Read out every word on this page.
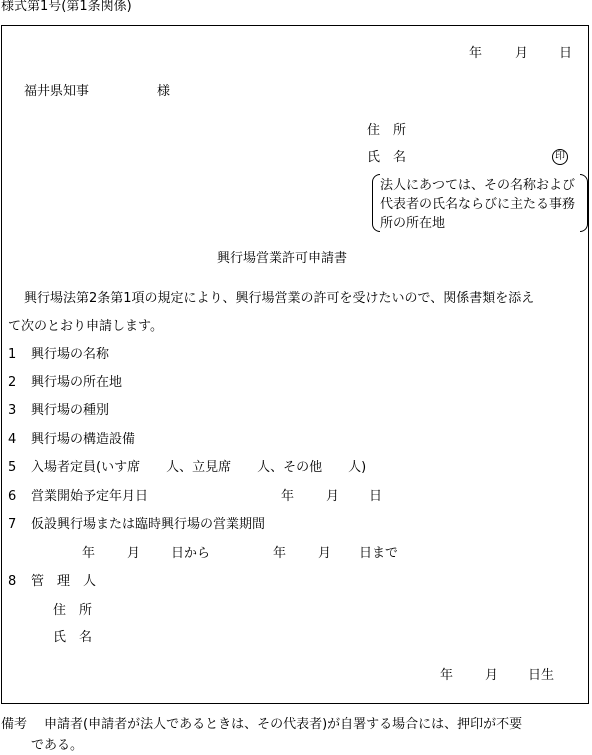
様式第1号(第1条関係)
年	月 日
福井県知事	様
住　所
氏　名	印
法人にあつては、その名称および代表者の氏名ならびに主たる事務所の所在地
興行場営業許可申請書
興行場法第2条第1項の規定により、興行場営業の許可を受けたいので、関係書類を添え
て次のとおり申請します。
1 興行場の名称
2 興行場の所在地
3 興行場の種別
4 興行場の構造設備
5 入場者定員(いす席　　人、立見席　　人、その他　　人)
6 営業開始予定年月日	年 月 日
7 仮設興行場または臨時興行場の営業期間
年 月 日から	年 月 日まで
8 管　理　人
住　所
氏　名
年 月 日生
備考 申請者(申請者が法人であるときは、その代表者)が自署する場合には、押印が不要
である。
